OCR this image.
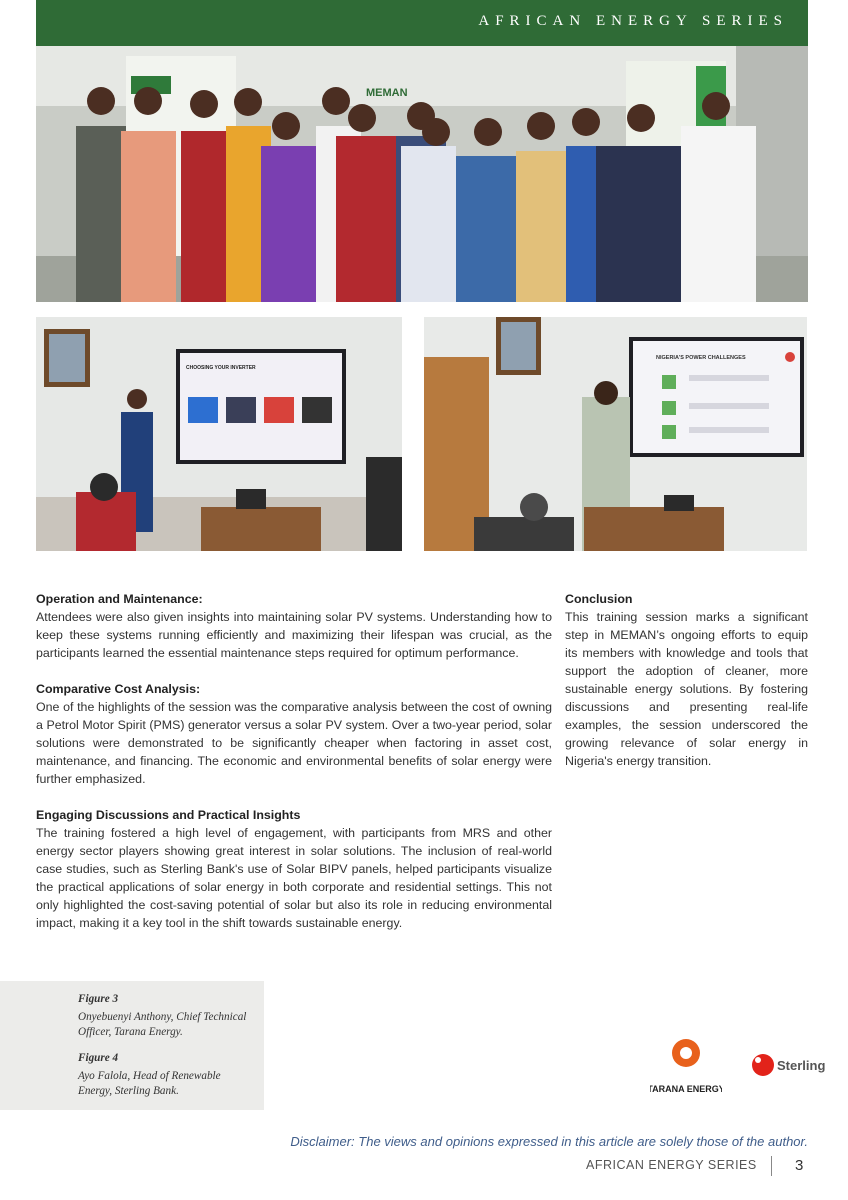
AFRICAN ENERGY SERIES
MEMAN
CHOOSING YOUR INVERTER
NIGERIA'S POWER CHALLENGES
Operation and Maintenance:

Attendees were also given insights into maintaining solar PV systems. Understanding how to keep these systems running efficiently and maximizing their lifespan was crucial, as the participants learned the essential maintenance steps required for optimum performance.

Comparative Cost Analysis:

One of the highlights of the session was the comparative analysis between the cost of owning a Petrol Motor Spirit (PMS) generator versus a solar PV system. Over a two-year period, solar solutions were demonstrated to be significantly cheaper when factoring in asset cost, maintenance, and financing. The economic and environmental benefits of solar energy were further emphasized.

Engaging Discussions and Practical Insights

The training fostered a high level of engagement, with participants from MRS and other energy sector players showing great interest in solar solutions. The inclusion of real-world case studies, such as Sterling Bank's use of Solar BIPV panels, helped participants visualize the practical applications of solar energy in both corporate and residential settings. This not only highlighted the cost-saving potential of solar but also its role in reducing environmental impact, making it a key tool in the shift towards sustainable energy.

Conclusion

This training session marks a significant step in MEMAN’s ongoing efforts to equip its members with knowledge and tools that support the adoption of cleaner, more sustainable energy solutions. By fostering discussions and presenting real-life examples, the session underscored the growing relevance of solar energy in Nigeria's energy transition.

Figure 3
Onyebuenyi Anthony, Chief Technical Officer, Tarana Energy.
Figure 4
Ayo Falola, Head of Renewable Energy, Sterling Bank.	TARANA ENERGY
Sterling
Disclaimer: The views and opinions expressed in this article are solely those of the author.
AFRICAN ENERGY SERIES	3
